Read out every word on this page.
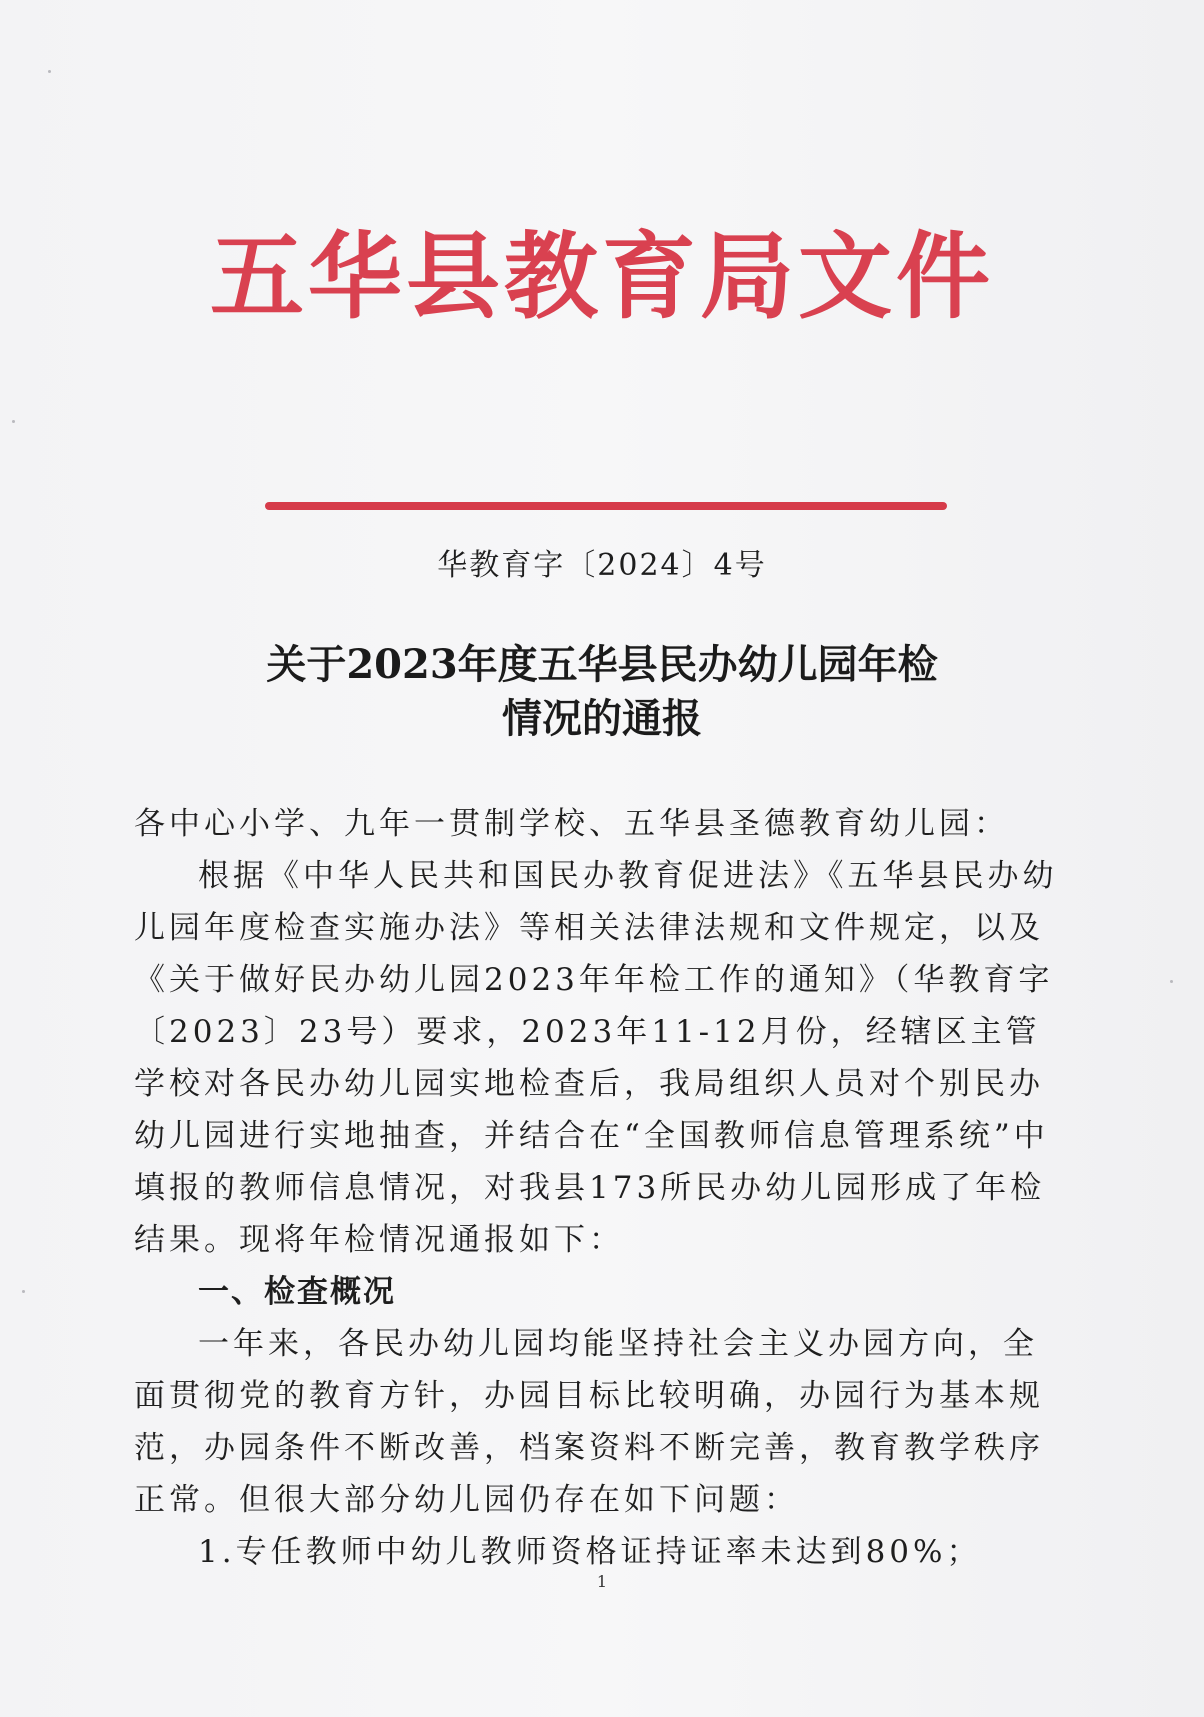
五华县教育局文件
华教育字〔2024〕4号
关于2023年度五华县民办幼儿园年检
情况的通报

各中心小学、九年一贯制学校、五华县圣德教育幼儿园：

根据《中华人民共和国民办教育促进法》《五华县民办幼儿园年度检查实施办法》等相关法律法规和文件规定，以及《关于做好民办幼儿园2023年年检工作的通知》（华教育字〔2023〕23号）要求，2023年11-12月份，经辖区主管学校对各民办幼儿园实地检查后，我局组织人员对个别民办幼儿园进行实地抽查，并结合在“全国教师信息管理系统”中填报的教师信息情况，对我县173所民办幼儿园形成了年检结果。现将年检情况通报如下：

一、检查概况

一年来，各民办幼儿园均能坚持社会主义办园方向，全面贯彻党的教育方针，办园目标比较明确，办园行为基本规范，办园条件不断改善，档案资料不断完善，教育教学秩序正常。但很大部分幼儿园仍存在如下问题：

1.专任教师中幼儿教师资格证持证率未达到80%；

1
